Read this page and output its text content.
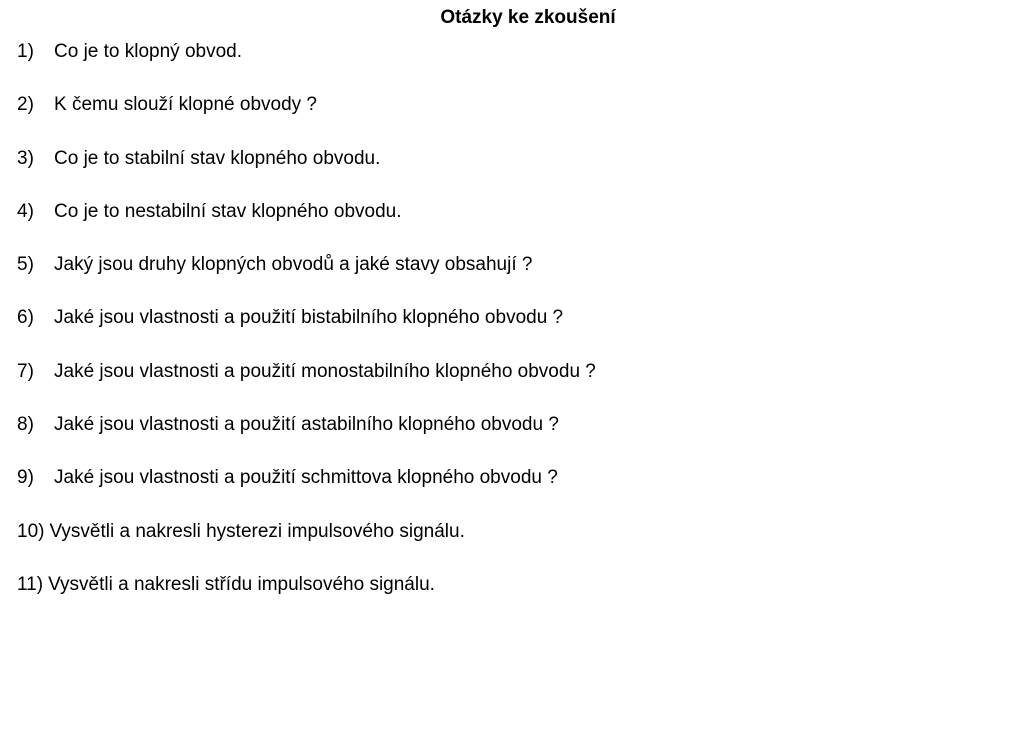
Otázky ke zkoušení
1) Co je to klopný obvod.
2) K čemu slouží klopné obvody ?
3) Co je to stabilní stav klopného obvodu.
4) Co je to nestabilní stav klopného obvodu.
5) Jaký jsou druhy klopných obvodů a jaké stavy obsahují ?
6) Jaké jsou vlastnosti a použití bistabilního klopného obvodu ?
7) Jaké jsou vlastnosti a použití monostabilního klopného obvodu ?
8) Jaké jsou vlastnosti a použití astabilního klopného obvodu ?
9) Jaké jsou vlastnosti a použití schmittova klopného obvodu ?
10) Vysvětli a nakresli hysterezi impulsového signálu.
11) Vysvětli a nakresli střídu impulsového signálu.
